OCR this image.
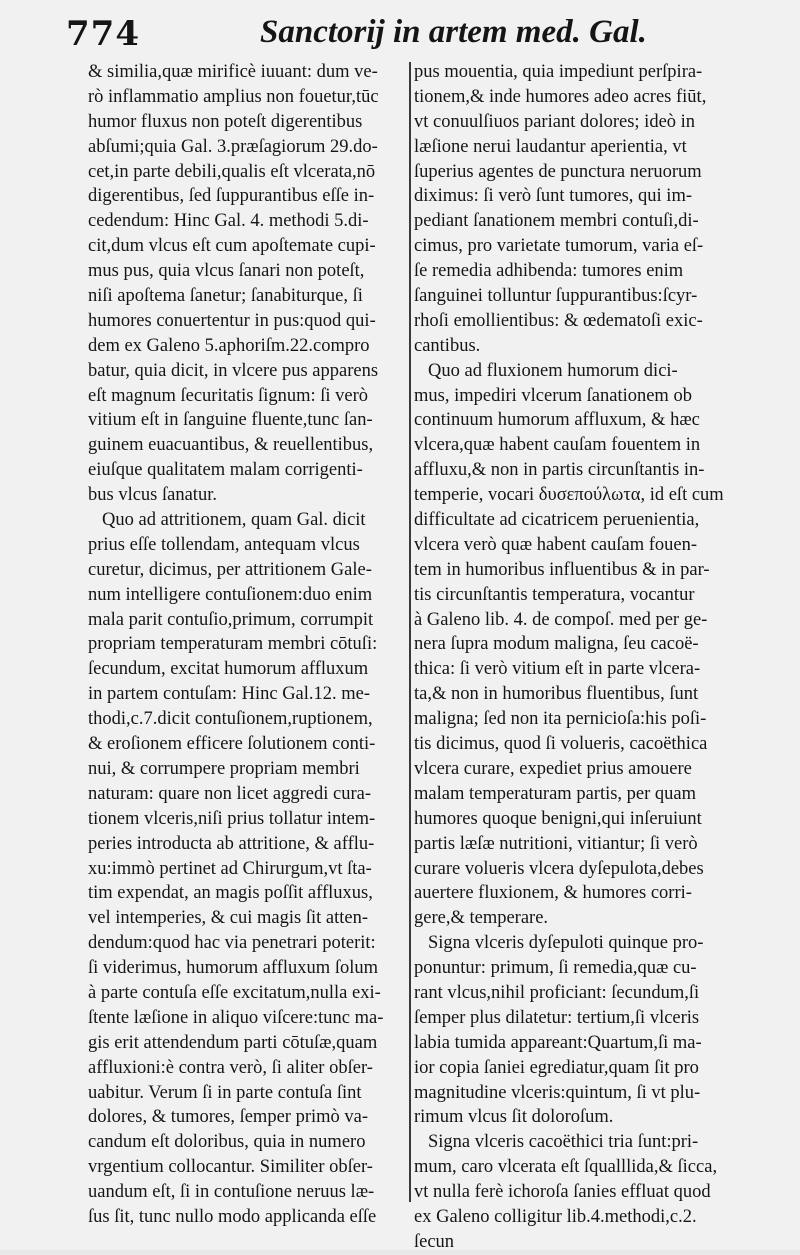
774	Sanctorij in artem med. Gal.
& similia,quæ mirificè iuuant: dum ve-
rò inflammatio amplius non fouetur,tūc
humor fluxus non poteſt digerentibus
abſumi;quia Gal. 3.præſagiorum 29.do-
cet,in parte debili,qualis eſt vlcerata,nō
digerentibus, ſed ſuppurantibus eſſe in-
cedendum: Hinc Gal. 4. methodi 5.di-
cit,dum vlcus eſt cum apoſtemate cupi-
mus pus, quia vlcus ſanari non poteſt,
niſi apoſtema ſanetur; ſanabiturque, ſi
humores conuertentur in pus:quod qui-
dem ex Galeno 5.aphoriſm.22.compro
batur, quia dicit, in vlcere pus apparens
eſt magnum ſecuritatis ſignum: ſi verò
vitium eſt in ſanguine fluente,tunc ſan-
guinem euacuantibus, & reuellentibus,
eiuſque qualitatem malam corrigenti-
bus vlcus ſanatur.
Quo ad attritionem, quam Gal. dicit
prius eſſe tollendam, antequam vlcus
curetur, dicimus, per attritionem Gale-
num intelligere contuſionem:duo enim
mala parit contuſio,primum, corrumpit
propriam temperaturam membri cōtuſi:
ſecundum, excitat humorum affluxum
in partem contuſam: Hinc Gal.12. me-
thodi,c.7.dicit contuſionem,ruptionem,
& eroſionem efficere ſolutionem conti-
nui, & corrumpere propriam membri
naturam: quare non licet aggredi cura-
tionem vlceris,niſi prius tollatur intem-
peries introducta ab attritione, & afflu-
xu:immò pertinet ad Chirurgum,vt ſta-
tim expendat, an magis poſſit affluxus,
vel intemperies, & cui magis ſit atten-
dendum:quod hac via penetrari poterit:
ſi viderimus, humorum affluxum ſolum
à parte contuſa eſſe excitatum,nulla exi-
ſtente læſione in aliquo viſcere:tunc ma-
gis erit attendendum parti cōtuſæ,quam
affluxioni:è contra verò, ſi aliter obſer-
uabitur. Verum ſi in parte contuſa ſint
dolores, & tumores, ſemper primò va-
candum eſt doloribus, quia in numero
vrgentium collocantur. Similiter obſer-
uandum eſt, ſi in contuſione neruus læ-
ſus ſit, tunc nullo modo applicanda eſſe
pus mouentia, quia impediunt perſpira-
tionem,& inde humores adeo acres fiūt,
vt conuulſiuos pariant dolores; ideò in
læſione nerui laudantur aperientia, vt
ſuperius agentes de punctura neruorum
diximus: ſi verò ſunt tumores, qui im-
pediant ſanationem membri contuſi,di-
cimus, pro varietate tumorum, varia eſ-
ſe remedia adhibenda: tumores enim
ſanguinei tolluntur ſuppurantibus:ſcyr-
rhoſi emollientibus: & œdematoſi exic-
cantibus.
Quo ad fluxionem humorum dici-
mus, impediri vlcerum ſanationem ob
continuum humorum affluxum, & hæc
vlcera,quæ habent cauſam fouentem in
affluxu,& non in partis circunſtantis in-
temperie, vocari δυσεπούλωτα, id eſt cum
difficultate ad cicatricem peruenientia,
vlcera verò quæ habent cauſam fouen-
tem in humoribus influentibus & in par-
tis circunſtantis temperatura, vocantur
à Galeno lib. 4. de compoſ. med per ge-
nera ſupra modum maligna, ſeu cacoë-
thica: ſi verò vitium eſt in parte vlcera-
ta,& non in humoribus fluentibus, ſunt
maligna; ſed non ita pernicioſa:his poſi-
tis dicimus, quod ſi volueris, cacoëthica
vlcera curare, expediet prius amouere
malam temperaturam partis, per quam
humores quoque benigni,qui inſeruiunt
partis læſæ nutritioni, vitiantur; ſi verò
curare volueris vlcera dyſepulota,debes
auertere fluxionem, & humores corri-
gere,& temperare.
Signa vlceris dyſepuloti quinque pro-
ponuntur: primum, ſi remedia,quæ cu-
rant vlcus,nihil proficiant: ſecundum,ſi
ſemper plus dilatetur: tertium,ſi vlceris
labia tumida appareant:Quartum,ſi ma-
ior copia ſaniei egrediatur,quam ſit pro
magnitudine vlceris:quintum, ſi vt plu-
rimum vlcus ſit doloroſum.
Signa vlceris cacoëthici tria ſunt:pri-
mum, caro vlcerata eſt ſqualllida,& ſicca,
vt nulla ferè ichoroſa ſanies effluat quod
ex Galeno colligitur lib.4.methodi,c.2.
ſecun
